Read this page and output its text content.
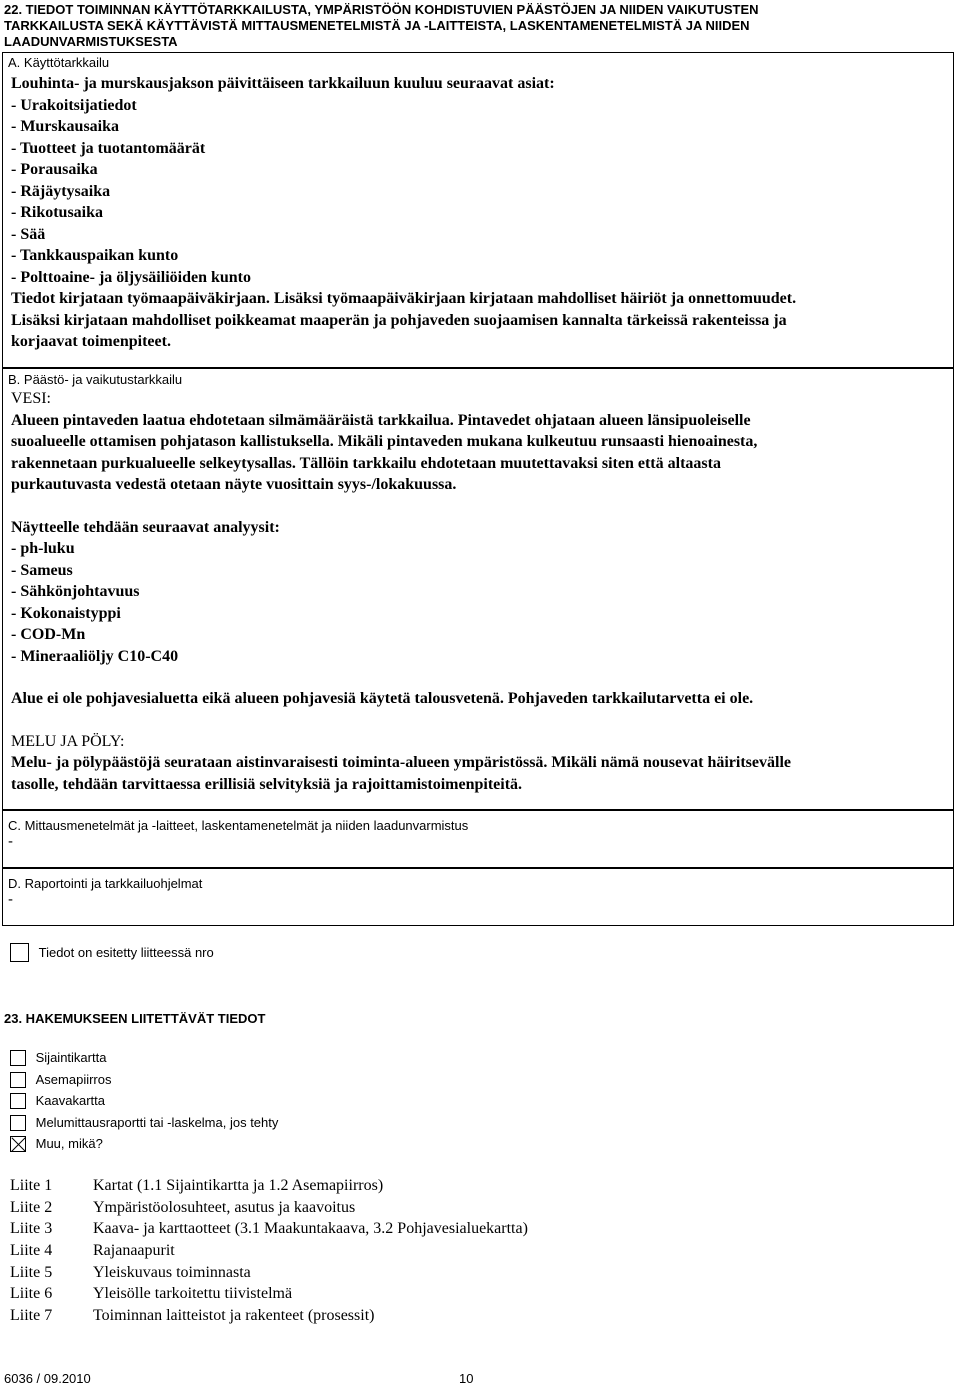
22. TIEDOT TOIMINNAN KÄYTTÖTARKKAILUSTA, YMPÄRISTÖÖN KOHDISTUVIEN PÄÄSTÖJEN JA NIIDEN VAIKUTUSTEN
TARKKAILUSTA SEKÄ KÄYTTÄVISTÄ MITTAUSMENETELMISTÄ JA -LAITTEISTA, LASKENTAMENETELMISTÄ JA NIIDEN
LAADUNVARMISTUKSESTA
A. Käyttötarkkailu
Louhinta- ja murskausjakson päivittäiseen tarkkailuun kuuluu seuraavat asiat:
- Urakoitsijatiedot
- Murskausaika
- Tuotteet ja tuotantomäärät
- Porausaika
- Räjäytysaika
- Rikotusaika
- Sää
- Tankkauspaikan kunto
- Polttoaine- ja öljysäiliöiden kunto
Tiedot kirjataan työmaapäiväkirjaan. Lisäksi työmaapäiväkirjaan kirjataan mahdolliset häiriöt ja onnettomuudet.
Lisäksi kirjataan mahdolliset poikkeamat maaperän ja pohjaveden suojaamisen kannalta tärkeissä rakenteissa ja
korjaavat toimenpiteet.
B. Päästö- ja vaikutustarkkailu
VESI:
Alueen pintaveden laatua ehdotetaan silmämääräistä tarkkailua. Pintavedet ohjataan alueen länsipuoleiselle
suoalueelle ottamisen pohjatason kallistuksella. Mikäli pintaveden mukana kulkeutuu runsaasti hienoainesta,
rakennetaan purkualueelle selkeytysallas. Tällöin tarkkailu ehdotetaan muutettavaksi siten että altaasta
purkautuvasta vedestä otetaan näyte vuosittain syys-/lokakuussa.
Näytteelle tehdään seuraavat analyysit:
- ph-luku
- Sameus
- Sähkönjohtavuus
- Kokonaistyppi
- COD-Mn
- Mineraaliöljy C10-C40
Alue ei ole pohjavesialuetta eikä alueen pohjavesiä käytetä talousvetenä. Pohjaveden tarkkailutarvetta ei ole.
MELU JA PÖLY:
Melu- ja pölypäästöjä seurataan aistinvaraisesti toiminta-alueen ympäristössä. Mikäli nämä nousevat häiritsevälle
tasolle, tehdään tarvittaessa erillisiä selvityksiä ja rajoittamistoimenpiteitä.
C. Mittausmenetelmät ja -laitteet, laskentamenetelmät ja niiden laadunvarmistus
-
D. Raportointi ja tarkkailuohjelmat
-
Tiedot on esitetty liitteessä nro
23. HAKEMUKSEEN LIITETTÄVÄT TIEDOT
Sijaintikartta
Asemapiirros
Kaavakartta
Melumittausraportti tai -laskelma, jos tehty
Muu, mikä?
Liite 1	Kartat (1.1 Sijaintikartta ja 1.2 Asemapiirros)
Liite 2	Ympäristöolosuhteet, asutus ja kaavoitus
Liite 3	Kaava- ja karttaotteet (3.1 Maakuntakaava, 3.2 Pohjavesialuekartta)
Liite 4	Rajanaapurit
Liite 5	Yleiskuvaus toiminnasta
Liite 6	Yleisölle tarkoitettu tiivistelmä
Liite 7	Toiminnan laitteistot ja rakenteet (prosessit)
6036 / 09.2010	10
